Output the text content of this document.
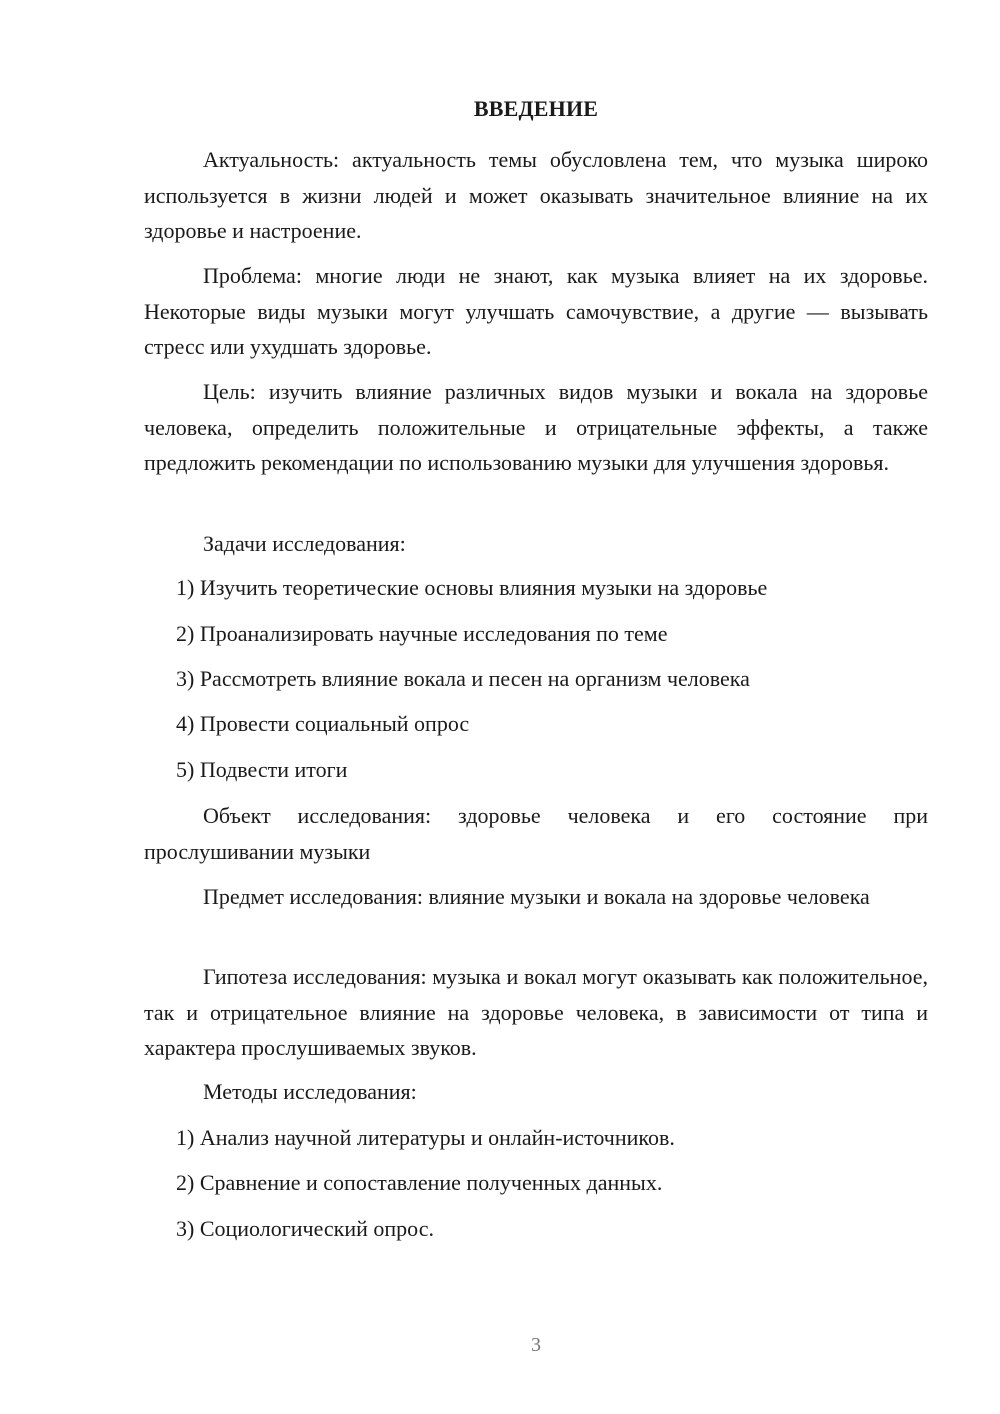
ВВЕДЕНИЕ

Актуальность: актуальность темы обусловлена тем, что музыка широко используется в жизни людей и может оказывать значительное влияние на их здоровье и настроение.

Проблема: многие люди не знают, как музыка влияет на их здоровье. Некоторые виды музыки могут улучшать самочувствие, а другие — вызывать стресс или ухудшать здоровье.

Цель: изучить влияние различных видов музыки и вокала на здоровье человека, определить положительные и отрицательные эффекты, а также предложить рекомендации по использованию музыки для улучшения здоровья.

Задачи исследования:

1) Изучить теоретические основы влияния музыки на здоровье

2) Проанализировать научные исследования по теме

3) Рассмотреть влияние вокала и песен на организм человека

4) Провести социальный опрос

5) Подвести итоги

Объект исследования: здоровье человека и его состояние при прослушивании музыки

Предмет исследования: влияние музыки и вокала на здоровье человека

Гипотеза исследования: музыка и вокал могут оказывать как положительное, так и отрицательное влияние на здоровье человека, в зависимости от типа и характера прослушиваемых звуков.

Методы исследования:

1) Анализ научной литературы и онлайн-источников.

2) Сравнение и сопоставление полученных данных.

3) Социологический опрос.

3
